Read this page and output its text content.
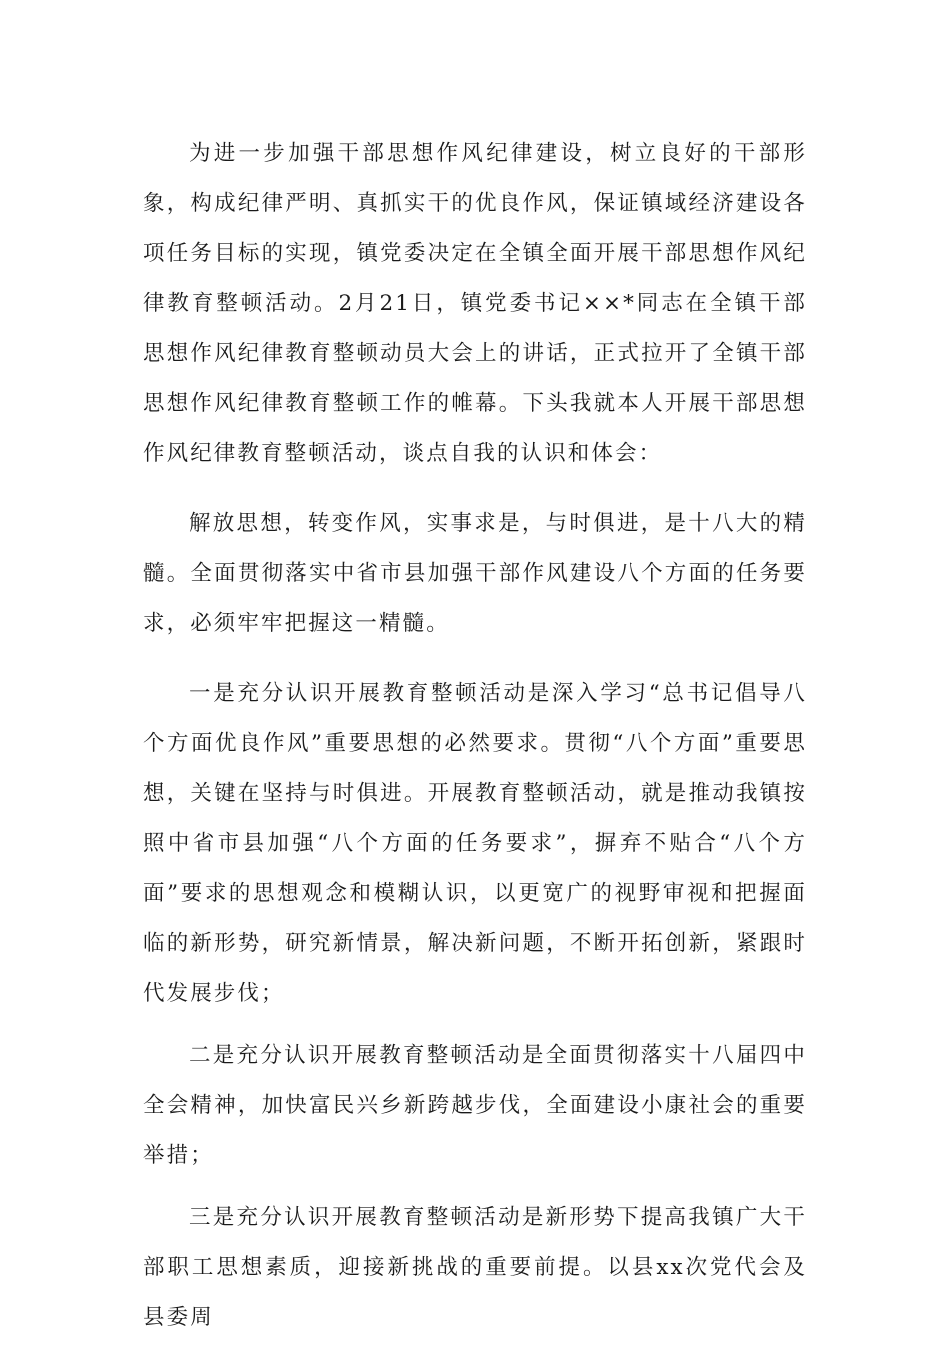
为进一步加强干部思想作风纪律建设，树立良好的干部形象，构成纪律严明、真抓实干的优良作风，保证镇域经济建设各项任务目标的实现，镇党委决定在全镇全面开展干部思想作风纪律教育整顿活动。2月21日，镇党委书记××*同志在全镇干部思想作风纪律教育整顿动员大会上的讲话，正式拉开了全镇干部思想作风纪律教育整顿工作的帷幕。下头我就本人开展干部思想作风纪律教育整顿活动，谈点自我的认识和体会：

解放思想，转变作风，实事求是，与时俱进，是十八大的精髓。全面贯彻落实中省市县加强干部作风建设八个方面的任务要求，必须牢牢把握这一精髓。

一是充分认识开展教育整顿活动是深入学习“总书记倡导八个方面优良作风”重要思想的必然要求。贯彻“八个方面”重要思想，关键在坚持与时俱进。开展教育整顿活动，就是推动我镇按照中省市县加强“八个方面的任务要求”，摒弃不贴合“八个方面”要求的思想观念和模糊认识，以更宽广的视野审视和把握面临的新形势，研究新情景，解决新问题，不断开拓创新，紧跟时代发展步伐；

二是充分认识开展教育整顿活动是全面贯彻落实十八届四中全会精神，加快富民兴乡新跨越步伐，全面建设小康社会的重要举措；

三是充分认识开展教育整顿活动是新形势下提高我镇广大干部职工思想素质，迎接新挑战的重要前提。以县xx次党代会及县委周
